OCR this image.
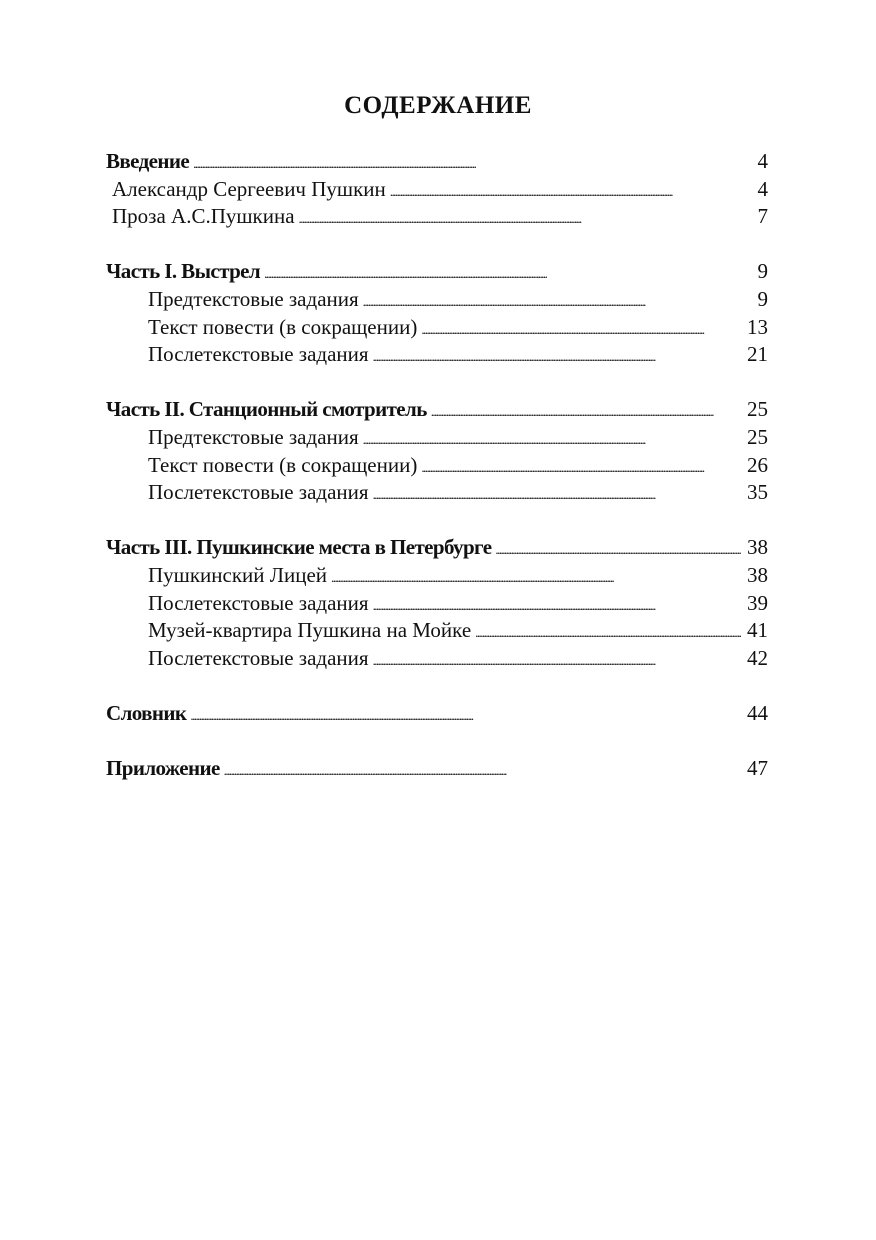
СОДЕРЖАНИЕ
Введение . . .	4
Александр Сергеевич Пушкин . . .	4
Проза А.С.Пушкина . . .	7
Часть I. Выстрел . . .	9
Предтекстовые задания . . .	9
Текст повести (в сокращении) . . .	13
Послетекстовые задания . . .	21
Часть II. Станционный смотритель . . .	25
Предтекстовые задания . . .	25
Текст повести (в сокращении) . . .	26
Послетекстовые задания . . .	35
Часть III. Пушкинские места в Петербурге . . .	38
Пушкинский Лицей . . .	38
Послетекстовые задания . . .	39
Музей-квартира Пушкина на Мойке . . .	41
Послетекстовые задания . . .	42
Словник . . .	44
Приложение . . .	47
